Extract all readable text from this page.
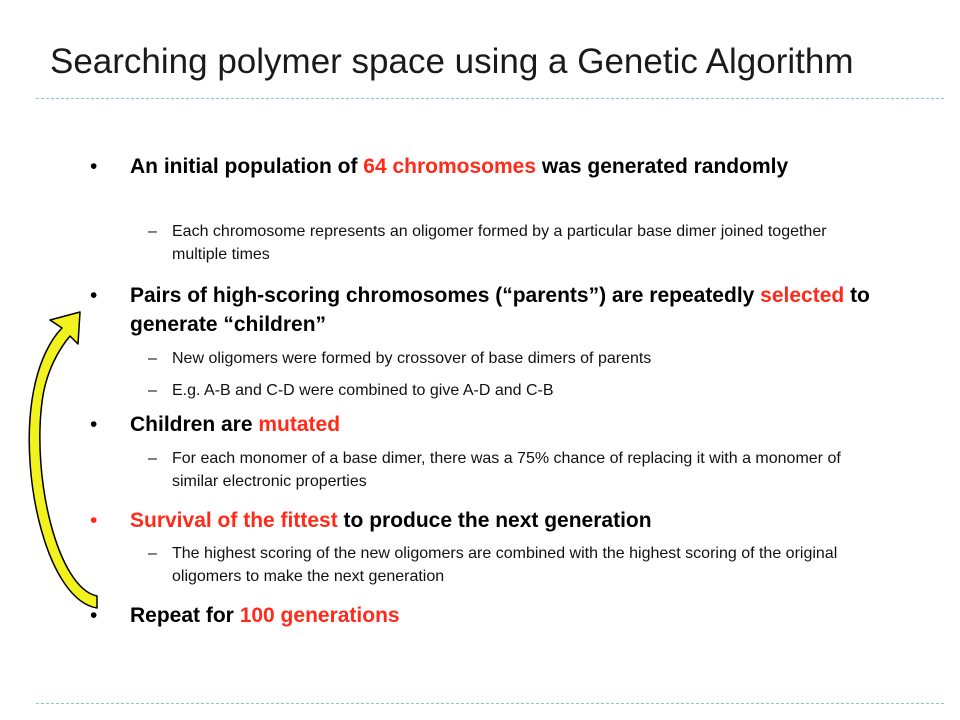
Searching polymer space using a Genetic Algorithm
• An initial population of 64 chromosomes was generated randomly
– Each chromosome represents an oligomer formed by a particular base dimer joined together multiple times
• Pairs of high-scoring chromosomes (“parents”) are repeatedly selected to generate “children”
– New oligomers were formed by crossover of base dimers of parents
– E.g. A-B and C-D were combined to give A-D and C-B
• Children are mutated
– For each monomer of a base dimer, there was a 75% chance of replacing it with a monomer of similar electronic properties
• Survival of the fittest to produce the next generation
– The highest scoring of the new oligomers are combined with the highest scoring of the original oligomers to make the next generation
• Repeat for 100 generations
